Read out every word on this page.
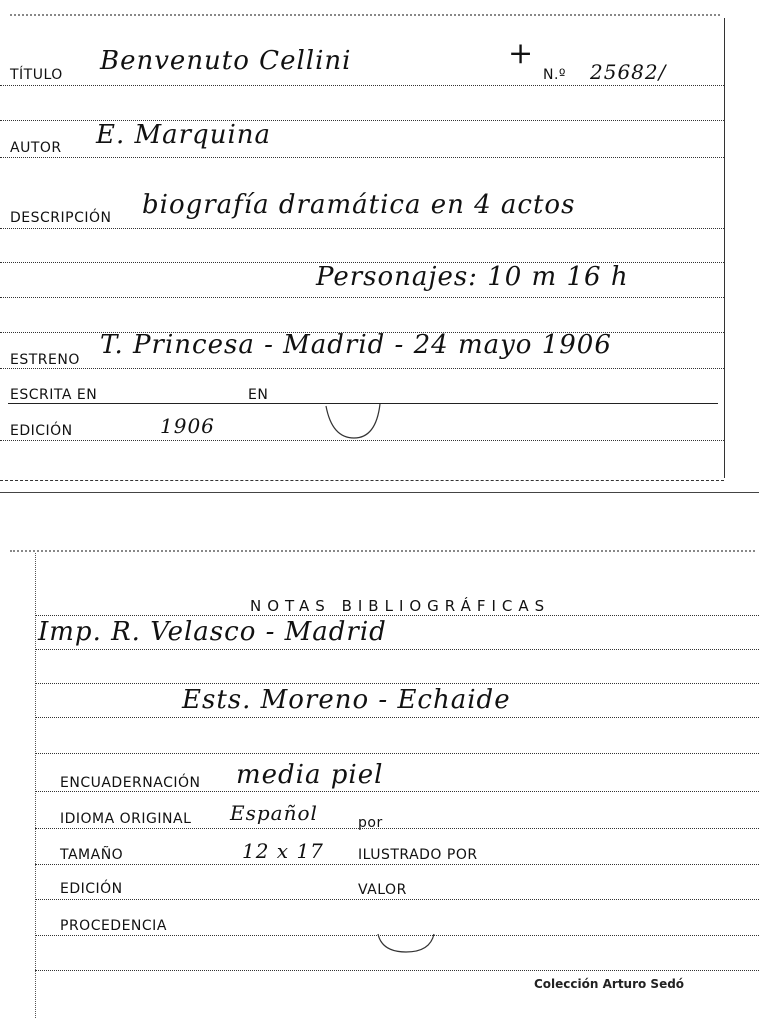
TÍTULO Benvenuto Cellini	+
N.º 25682/
AUTOR E. Marquina
DESCRIPCIÓN biografía dramática en 4 actos
Personajes: 10 m 16 h
ESTRENO T. Princesa - Madrid - 24 mayo 1906
ESCRITA EN	EN
EDICIÓN	1906
NOTAS BIBLIOGRÁFICAS
Imp. R. Velasco - Madrid
Ests. Moreno - Echaide
ENCUADERNACIÓN media piel
IDIOMA ORIGINAL Español	por
TAMAÑO	12 x 17 ILUSTRADO POR
EDICIÓN	VALOR
PROCEDENCIA
Colección Arturo Sedó
